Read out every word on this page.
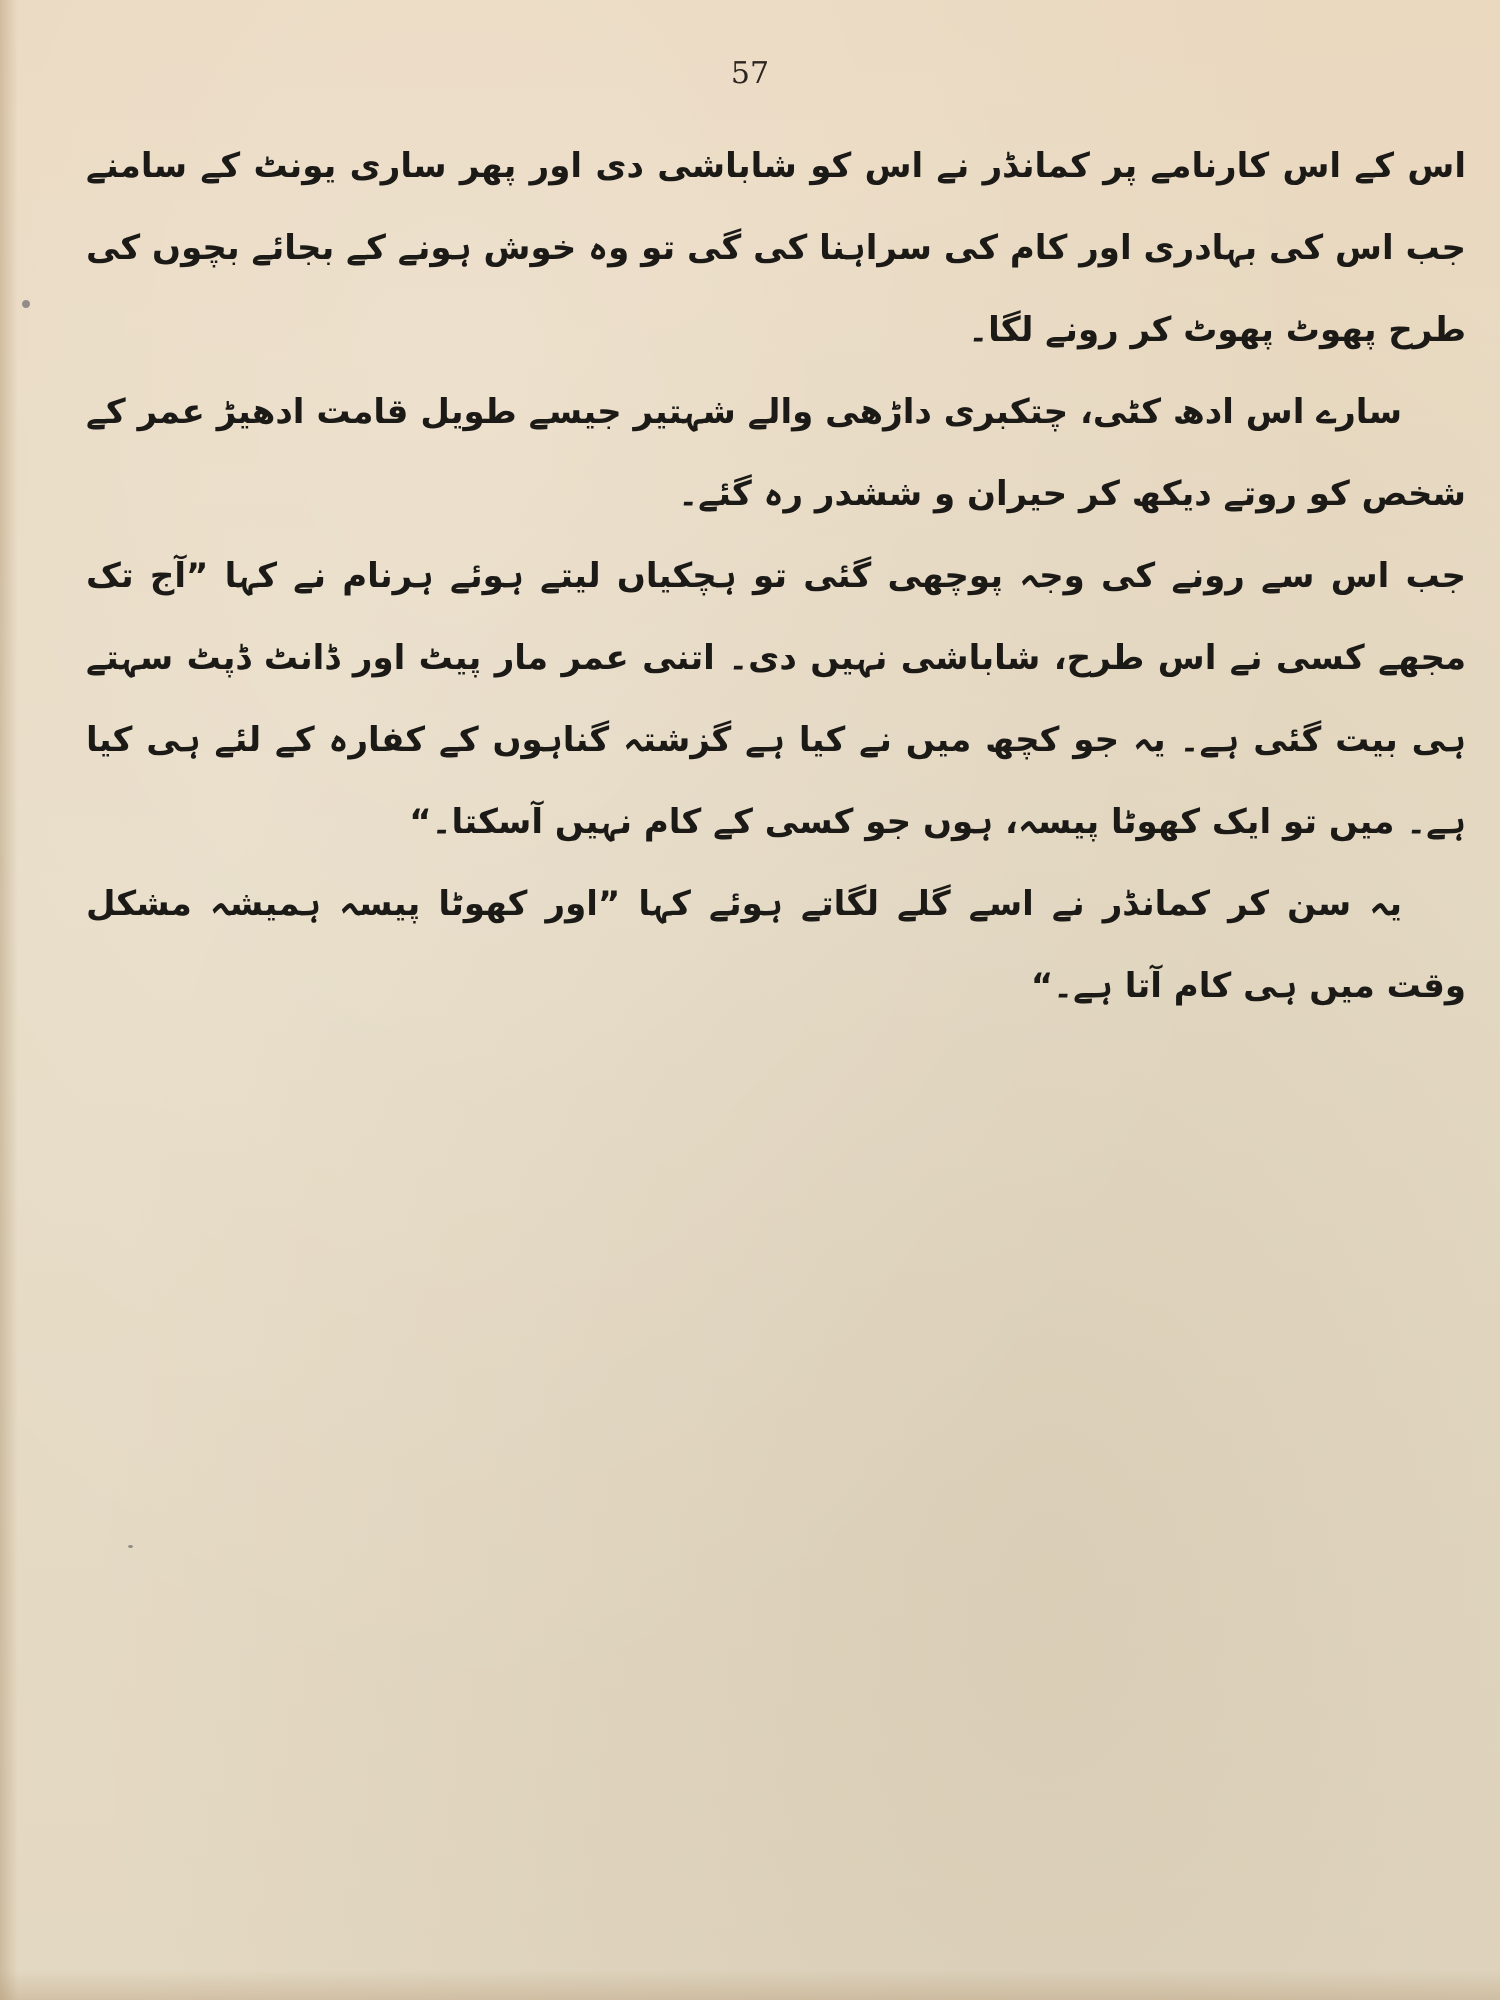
57

اس کے اس کارنامے پر کمانڈر نے اس کو شاباشی دی اور پھر ساری یونٹ کے سامنے جب اس کی بہادری اور کام کی سراہنا کی گی تو وہ خوش ہونے کے بجائے بچوں کی طرح پھوٹ پھوٹ کر رونے لگا۔

سارے اس ادھ کٹی، چتکبری داڑھی والے شہتیر جیسے طویل قامت ادھیڑ عمر کے شخص کو روتے دیکھ کر حیران و ششدر رہ گئے۔

جب اس سے رونے کی وجہ پوچھی گئی تو ہچکیاں لیتے ہوئے ہرنام نے کہا ”آج تک مجھے کسی نے اس طرح، شاباشی نہیں دی۔ اتنی عمر مار پیٹ اور ڈانٹ ڈپٹ سہتے ہی بیت گئی ہے۔ یہ جو کچھ میں نے کیا ہے گزشتہ گناہوں کے کفارہ کے لئے ہی کیا ہے۔ میں تو ایک کھوٹا پیسہ، ہوں جو کسی کے کام نہیں آسکتا۔“

یہ سن کر کمانڈر نے اسے گلے لگاتے ہوئے کہا ”اور کھوٹا پیسہ ہمیشہ مشکل وقت میں ہی کام آتا ہے۔“
